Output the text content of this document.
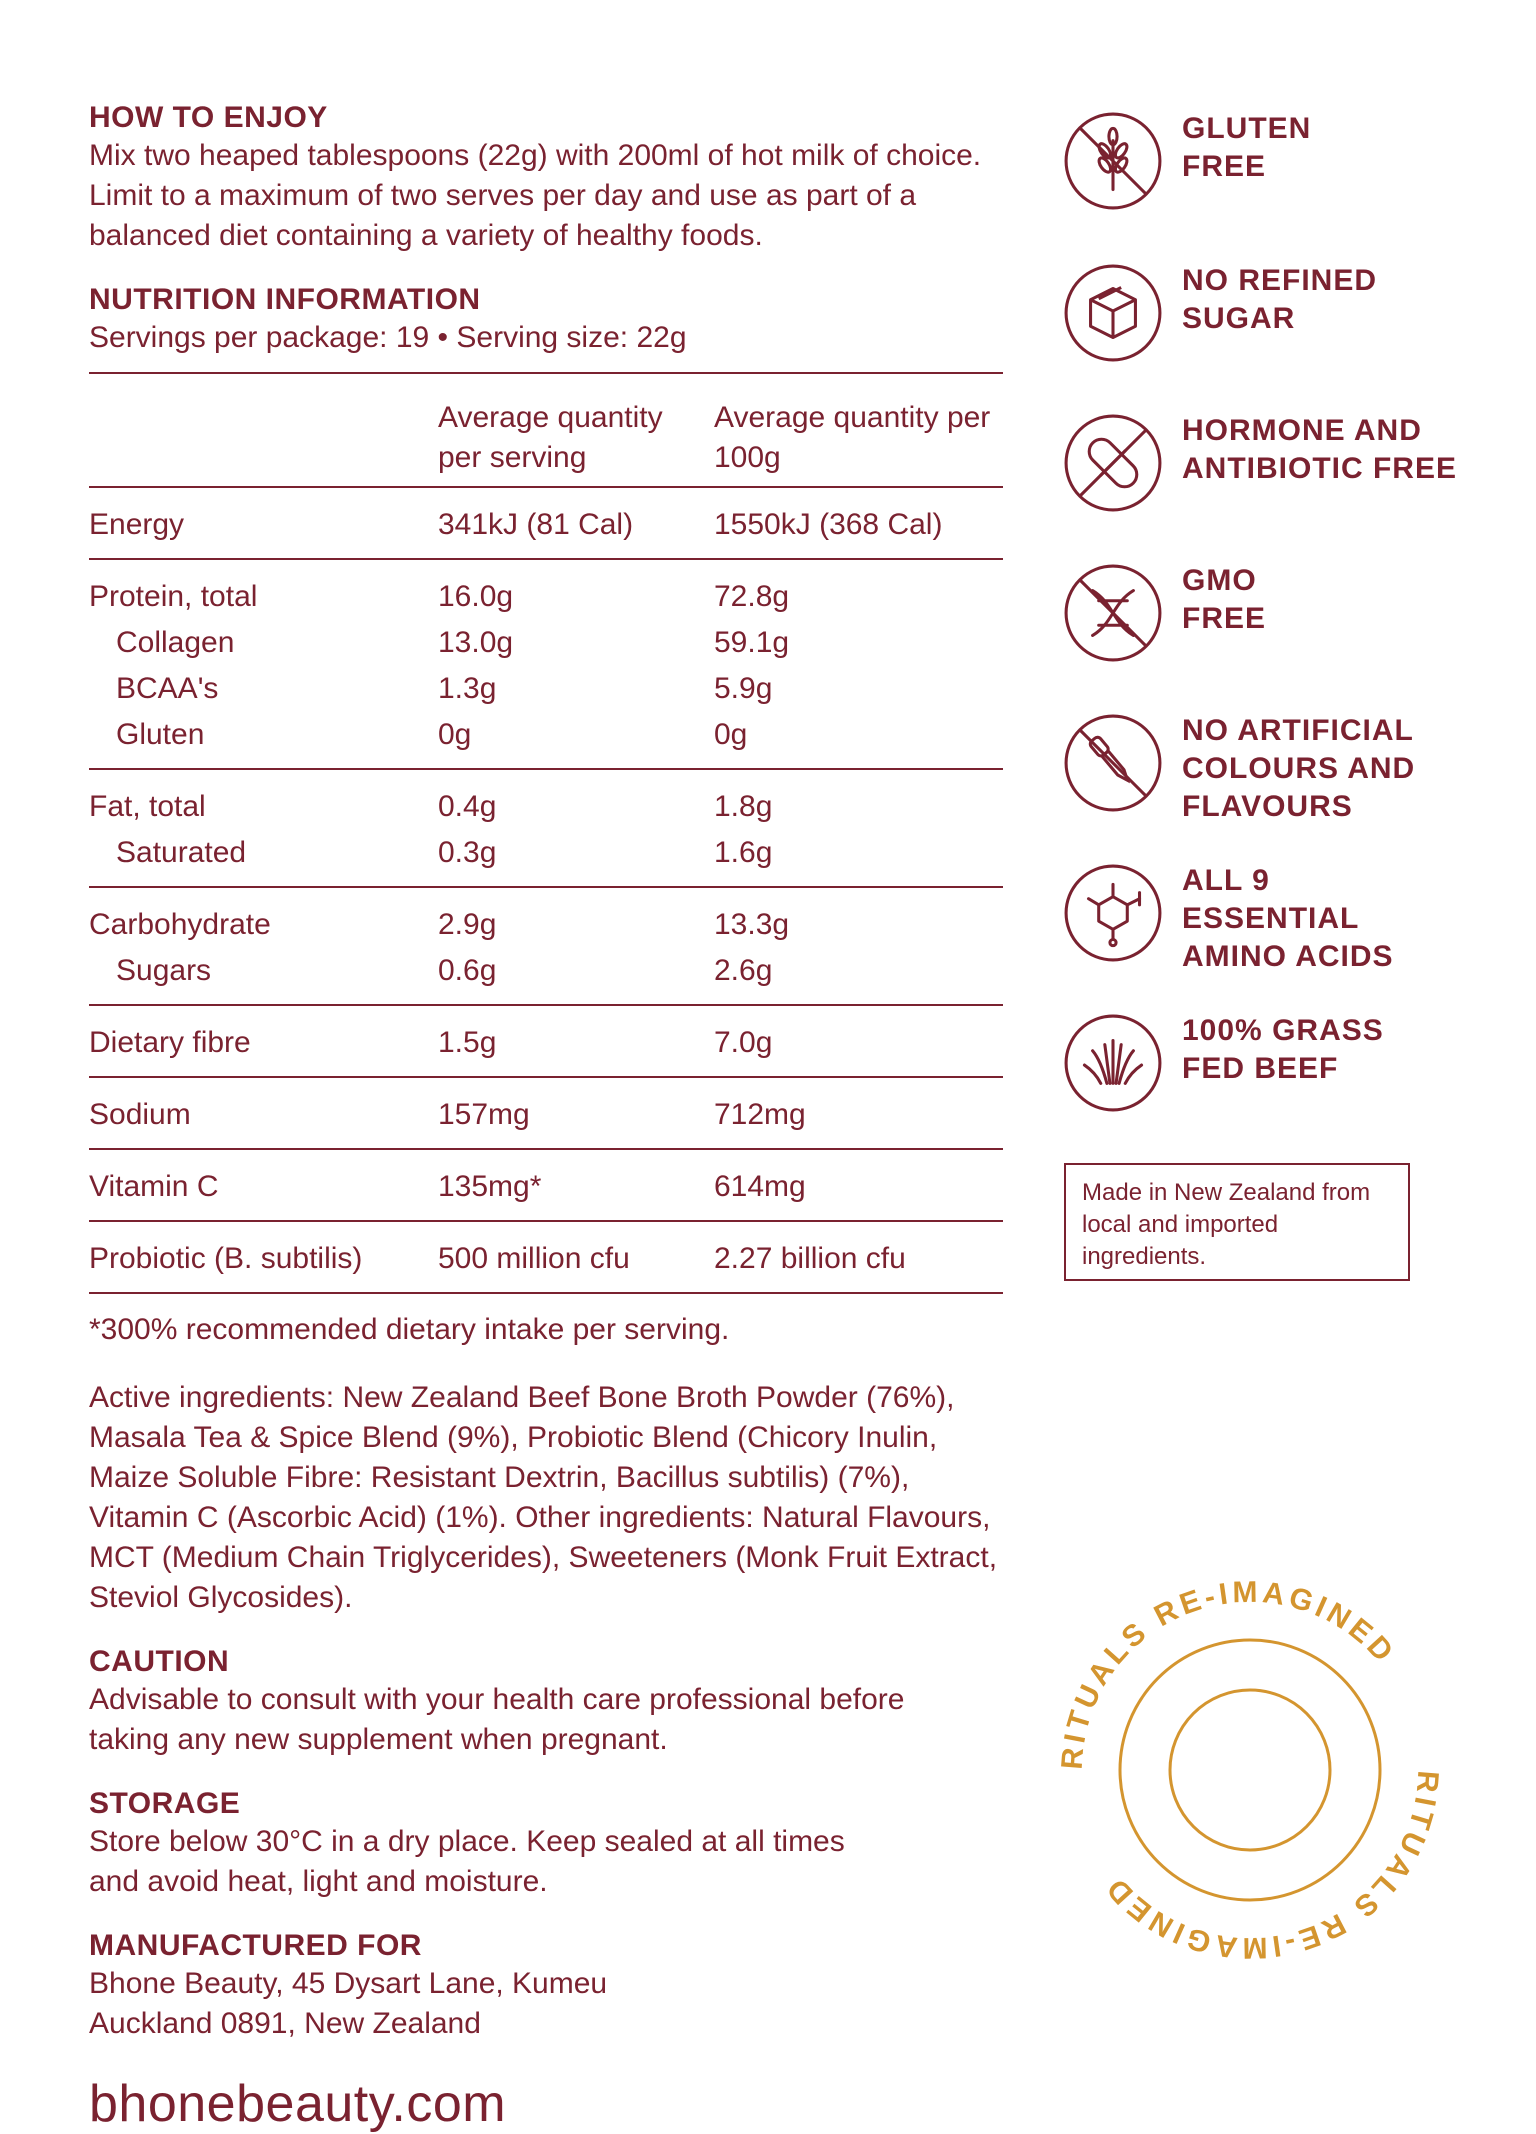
HOW TO ENJOY
Mix two heaped tablespoons (22g) with 200ml of hot milk of choice. Limit to a maximum of two serves per day and use as part of a balanced diet containing a variety of healthy foods.
NUTRITION INFORMATION
Servings per package: 19 • Serving size: 22g
	Average quantity per serving	Average quantity per 100g
Energy	341kJ (81 Cal)	1550kJ (368 Cal)
Protein, total	16.0g	72.8g
Collagen	13.0g	59.1g
BCAA's	1.3g	5.9g
Gluten	0g	0g
Fat, total	0.4g	1.8g
Saturated	0.3g	1.6g
Carbohydrate	2.9g	13.3g
Sugars	0.6g	2.6g
Dietary fibre	1.5g	7.0g
Sodium	157mg	712mg
Vitamin C	135mg*	614mg
Probiotic (B. subtilis)	500 million cfu	2.27 billion cfu
*300% recommended dietary intake per serving.
Active ingredients: New Zealand Beef Bone Broth Powder (76%), Masala Tea & Spice Blend (9%), Probiotic Blend (Chicory Inulin, Maize Soluble Fibre: Resistant Dextrin, Bacillus subtilis) (7%), Vitamin C (Ascorbic Acid) (1%). Other ingredients: Natural Flavours, MCT (Medium Chain Triglycerides), Sweeteners (Monk Fruit Extract, Steviol Glycosides).
CAUTION
Advisable to consult with your health care professional before taking any new supplement when pregnant.
STORAGE
Store below 30°C in a dry place. Keep sealed at all times and avoid heat, light and moisture.
MANUFACTURED FOR
Bhone Beauty, 45 Dysart Lane, Kumeu
Auckland 0891, New Zealand
bhonebeauty.com
GLUTEN
FREE
NO REFINED
SUGAR
HORMONE AND
ANTIBIOTIC FREE
GMO
FREE
NO ARTIFICIAL
COLOURS AND
FLAVOURS
ALL 9
ESSENTIAL
AMINO ACIDS
100% GRASS
FED BEEF
Made in New Zealand from local and imported ingredients.
RITUALS RE-IMAGINED
RITUALS RE-IMAGINED
